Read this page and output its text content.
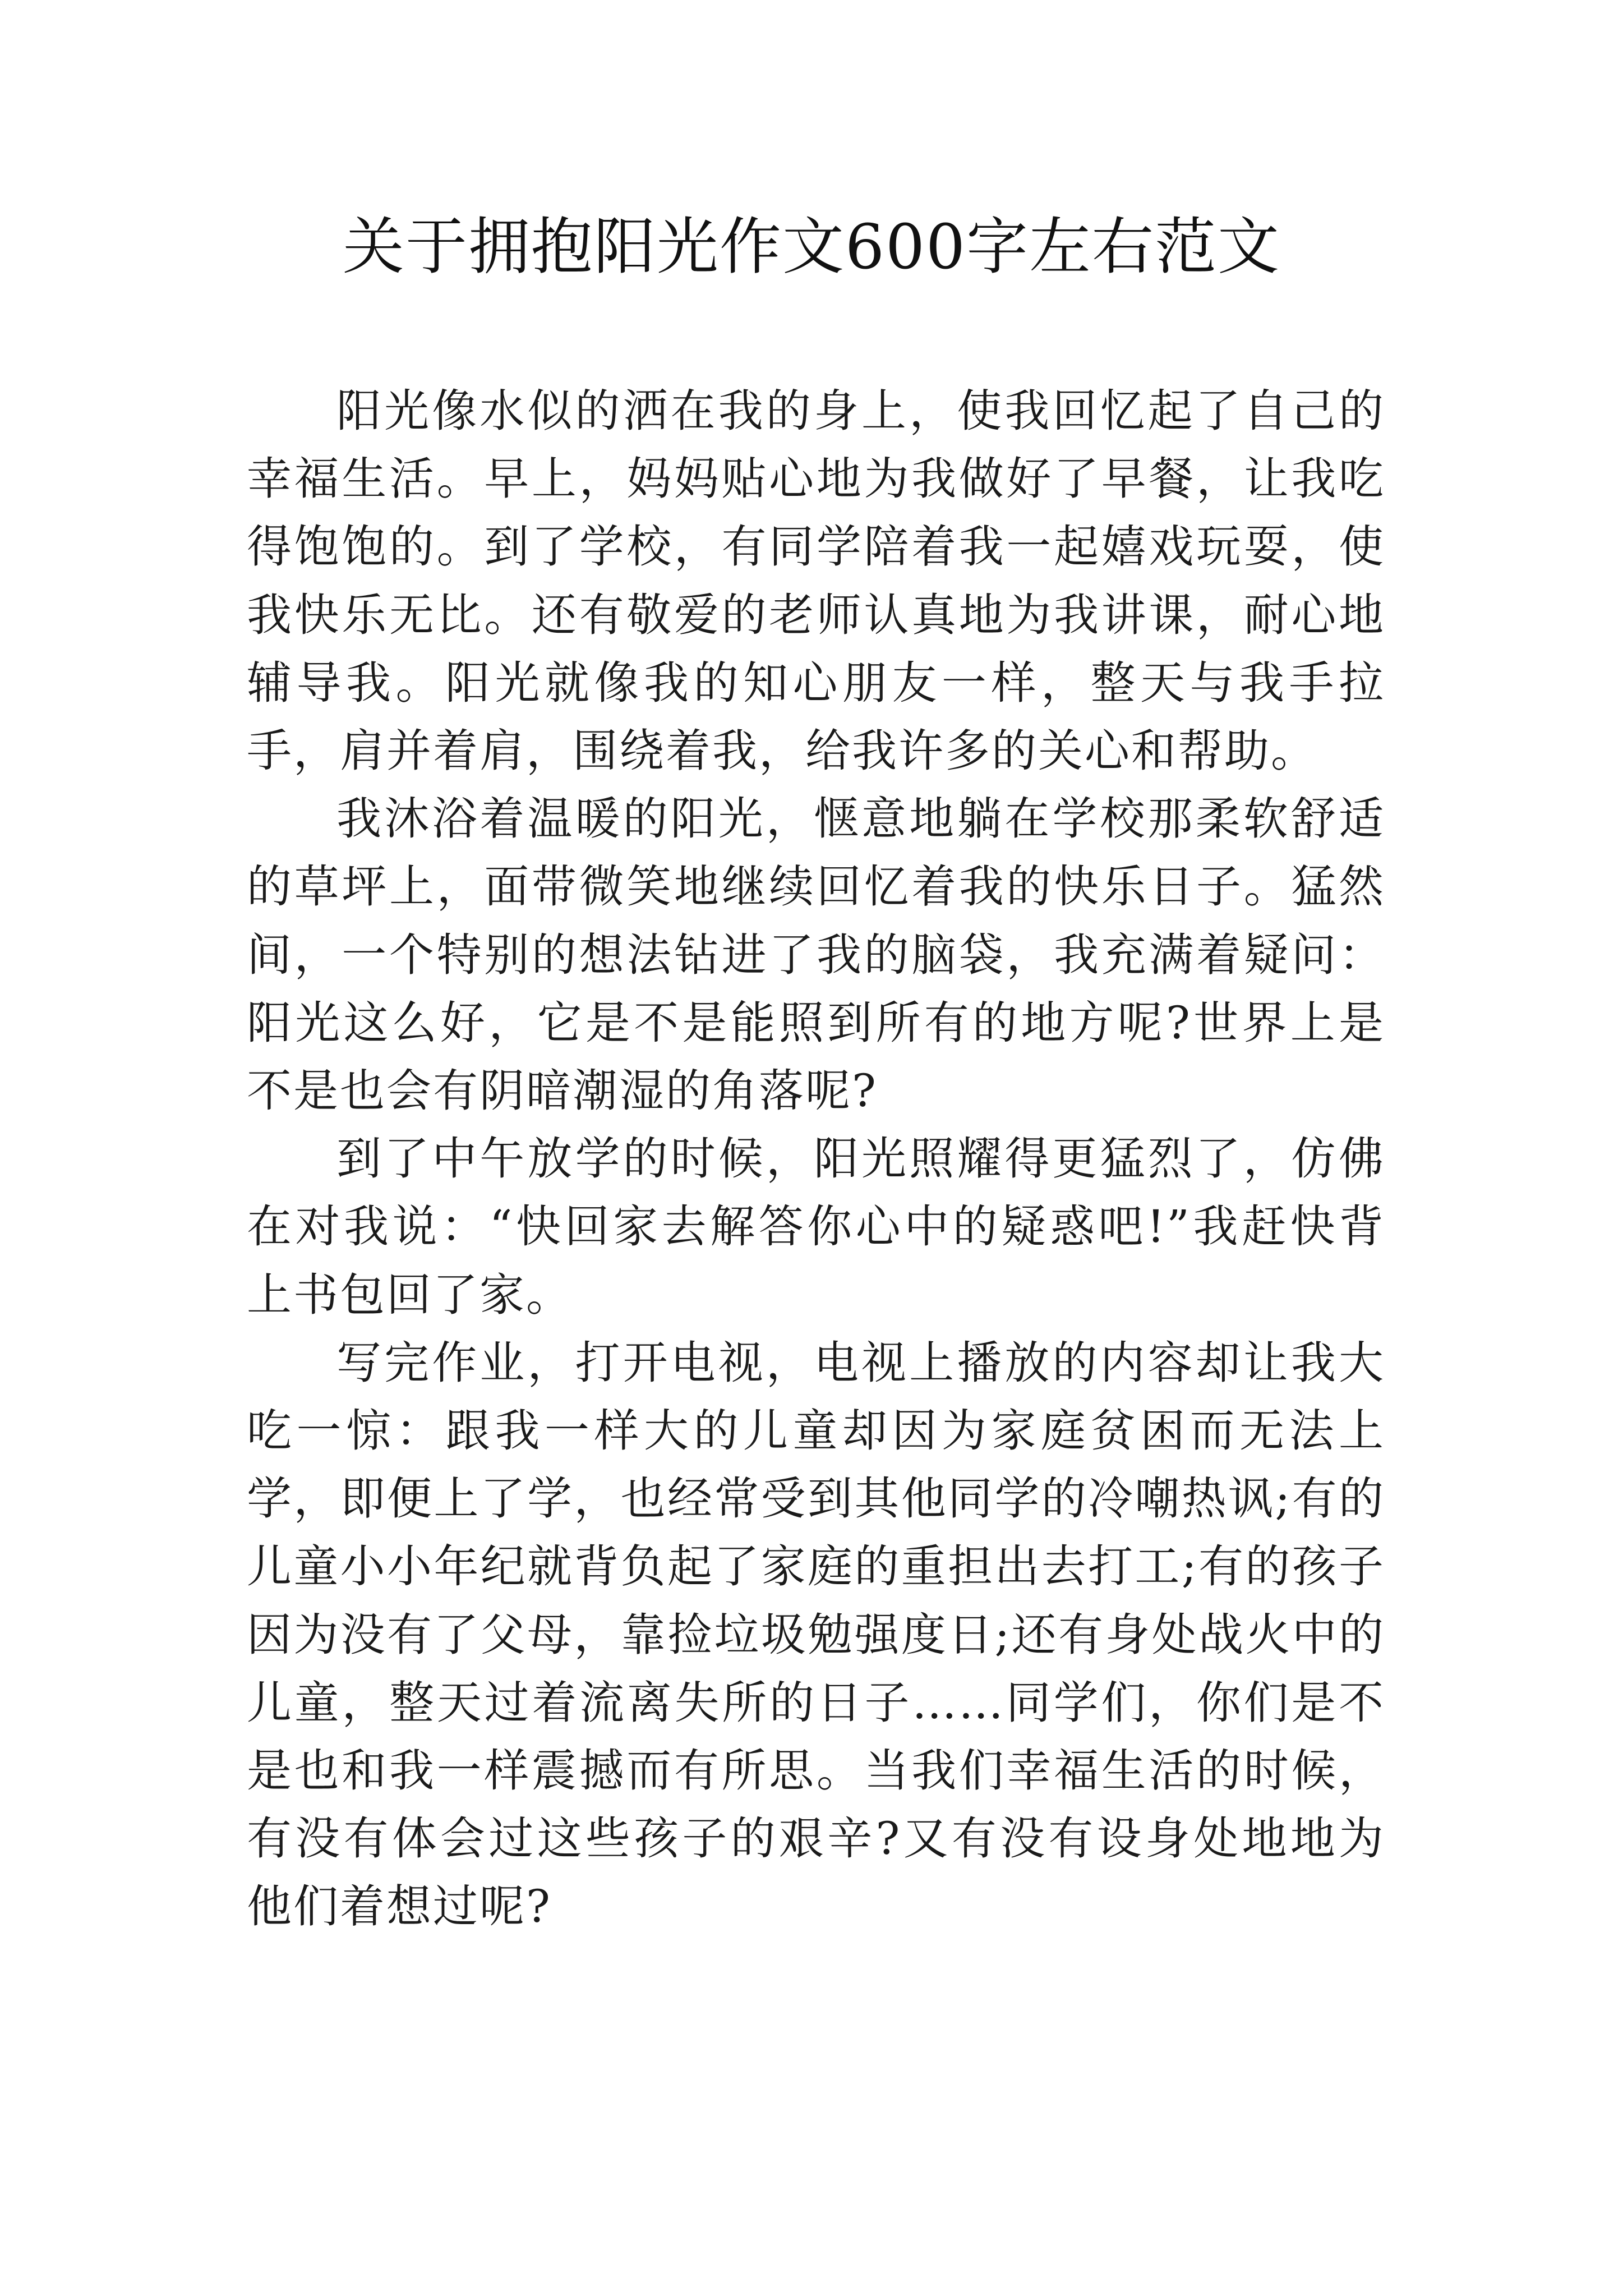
关于拥抱阳光作文600字左右范文

阳光像水似的洒在我的身上，使我回忆起了自己的幸福生活。早上，妈妈贴心地为我做好了早餐，让我吃得饱饱的。到了学校，有同学陪着我一起嬉戏玩耍，使我快乐无比。还有敬爱的老师认真地为我讲课，耐心地辅导我。阳光就像我的知心朋友一样，整天与我手拉手，肩并着肩，围绕着我，给我许多的关心和帮助。

我沐浴着温暖的阳光，惬意地躺在学校那柔软舒适的草坪上，面带微笑地继续回忆着我的快乐日子。猛然间，一个特别的想法钻进了我的脑袋，我充满着疑问：阳光这么好，它是不是能照到所有的地方呢?世界上是不是也会有阴暗潮湿的角落呢?

到了中午放学的时候，阳光照耀得更猛烈了，仿佛在对我说：“快回家去解答你心中的疑惑吧!”我赶快背上书包回了家。

写完作业，打开电视，电视上播放的内容却让我大吃一惊：跟我一样大的儿童却因为家庭贫困而无法上学，即便上了学，也经常受到其他同学的冷嘲热讽;有的儿童小小年纪就背负起了家庭的重担出去打工;有的孩子因为没有了父母，靠捡垃圾勉强度日;还有身处战火中的儿童，整天过着流离失所的日子……同学们，你们是不是也和我一样震撼而有所思。当我们幸福生活的时候，有没有体会过这些孩子的艰辛?又有没有设身处地地为他们着想过呢?
